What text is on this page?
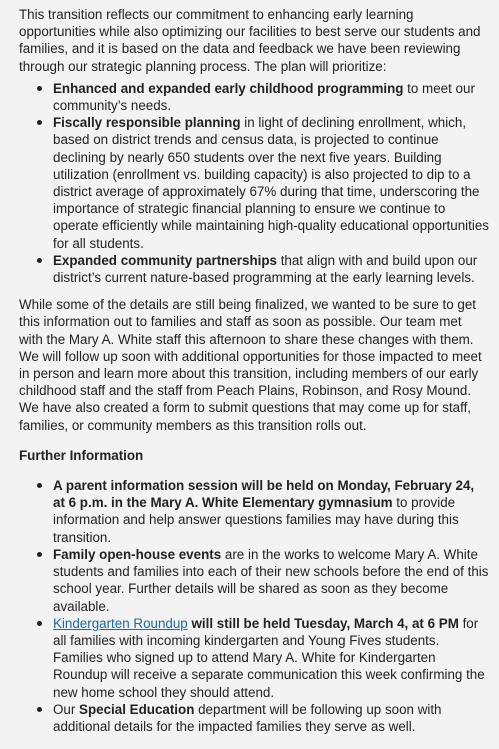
This transition reflects our commitment to enhancing early learning opportunities while also optimizing our facilities to best serve our students and families, and it is based on the data and feedback we have been reviewing through our strategic planning process. The plan will prioritize:

Enhanced and expanded early childhood programming to meet our community’s needs.
Fiscally responsible planning in light of declining enrollment, which, based on district trends and census data, is projected to continue declining by nearly 650 students over the next five years. Building utilization (enrollment vs. building capacity) is also projected to dip to a district average of approximately 67% during that time, underscoring the importance of strategic financial planning to ensure we continue to operate efficiently while maintaining high-quality educational opportunities for all students.
Expanded community partnerships that align with and build upon our district’s current nature-based programming at the early learning levels.

While some of the details are still being finalized, we wanted to be sure to get this information out to families and staff as soon as possible. Our team met with the Mary A. White staff this afternoon to share these changes with them. We will follow up soon with additional opportunities for those impacted to meet in person and learn more about this transition, including members of our early childhood staff and the staff from Peach Plains, Robinson, and Rosy Mound. We have also created a form to submit questions that may come up for staff, families, or community members as this transition rolls out.

Further Information
A parent information session will be held on Monday, February 24, at 6 p.m. in the Mary A. White Elementary gymnasium to provide information and help answer questions families may have during this transition.
Family open-house events are in the works to welcome Mary A. White students and families into each of their new schools before the end of this school year. Further details will be shared as soon as they become available.
Kindergarten Roundup will still be held Tuesday, March 4, at 6 PM for all families with incoming kindergarten and Young Fives students. Families who signed up to attend Mary A. White for Kindergarten Roundup will receive a separate communication this week confirming the new home school they should attend.
Our Special Education department will be following up soon with additional details for the impacted families they serve as well.
